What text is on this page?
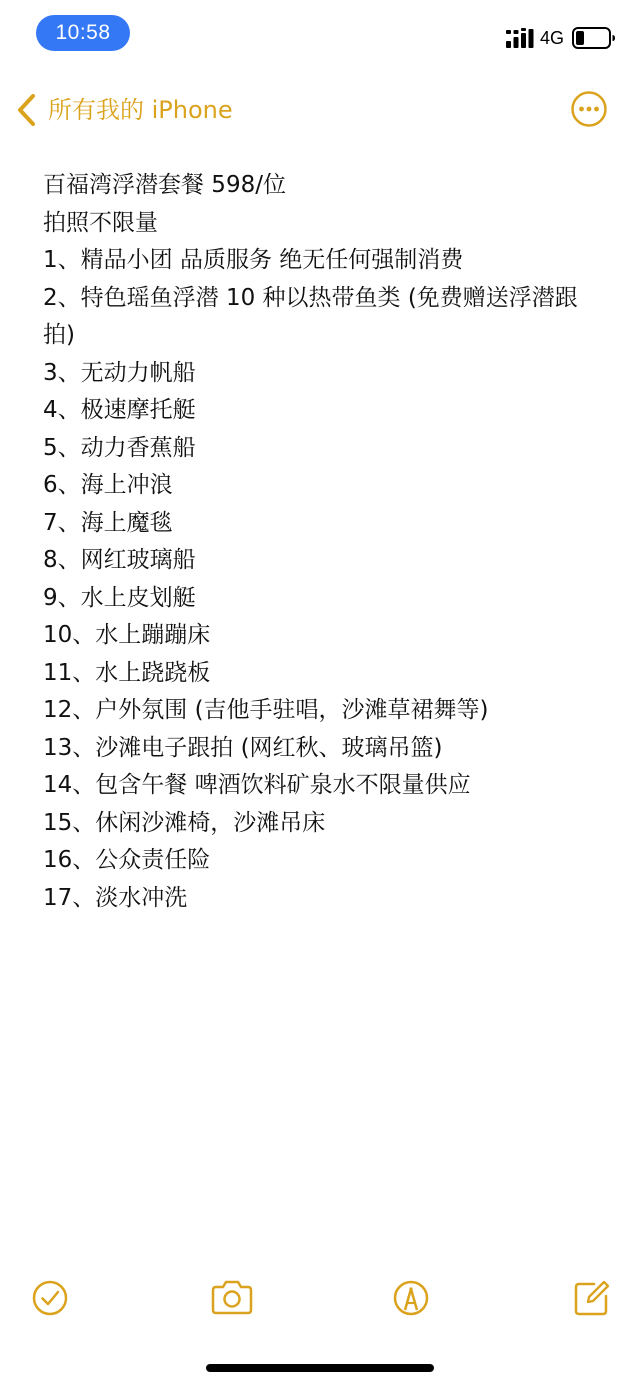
10:58	4G
所有我的 iPhone
百福湾浮潜套餐 598/位
拍照不限量
1、精品小团 品质服务 绝无任何强制消费
2、特色瑶鱼浮潜 10 种以热带鱼类 (免费赠送浮潜跟拍)
3、无动力帆船
4、极速摩托艇
5、动力香蕉船
6、海上冲浪
7、海上魔毯
8、网红玻璃船
9、水上皮划艇
10、水上蹦蹦床
11、水上跷跷板
12、户外氛围 (吉他手驻唱，沙滩草裙舞等)
13、沙滩电子跟拍 (网红秋、玻璃吊篮)
14、包含午餐 啤酒饮料矿泉水不限量供应
15、休闲沙滩椅，沙滩吊床
16、公众责任险
17、淡水冲洗
